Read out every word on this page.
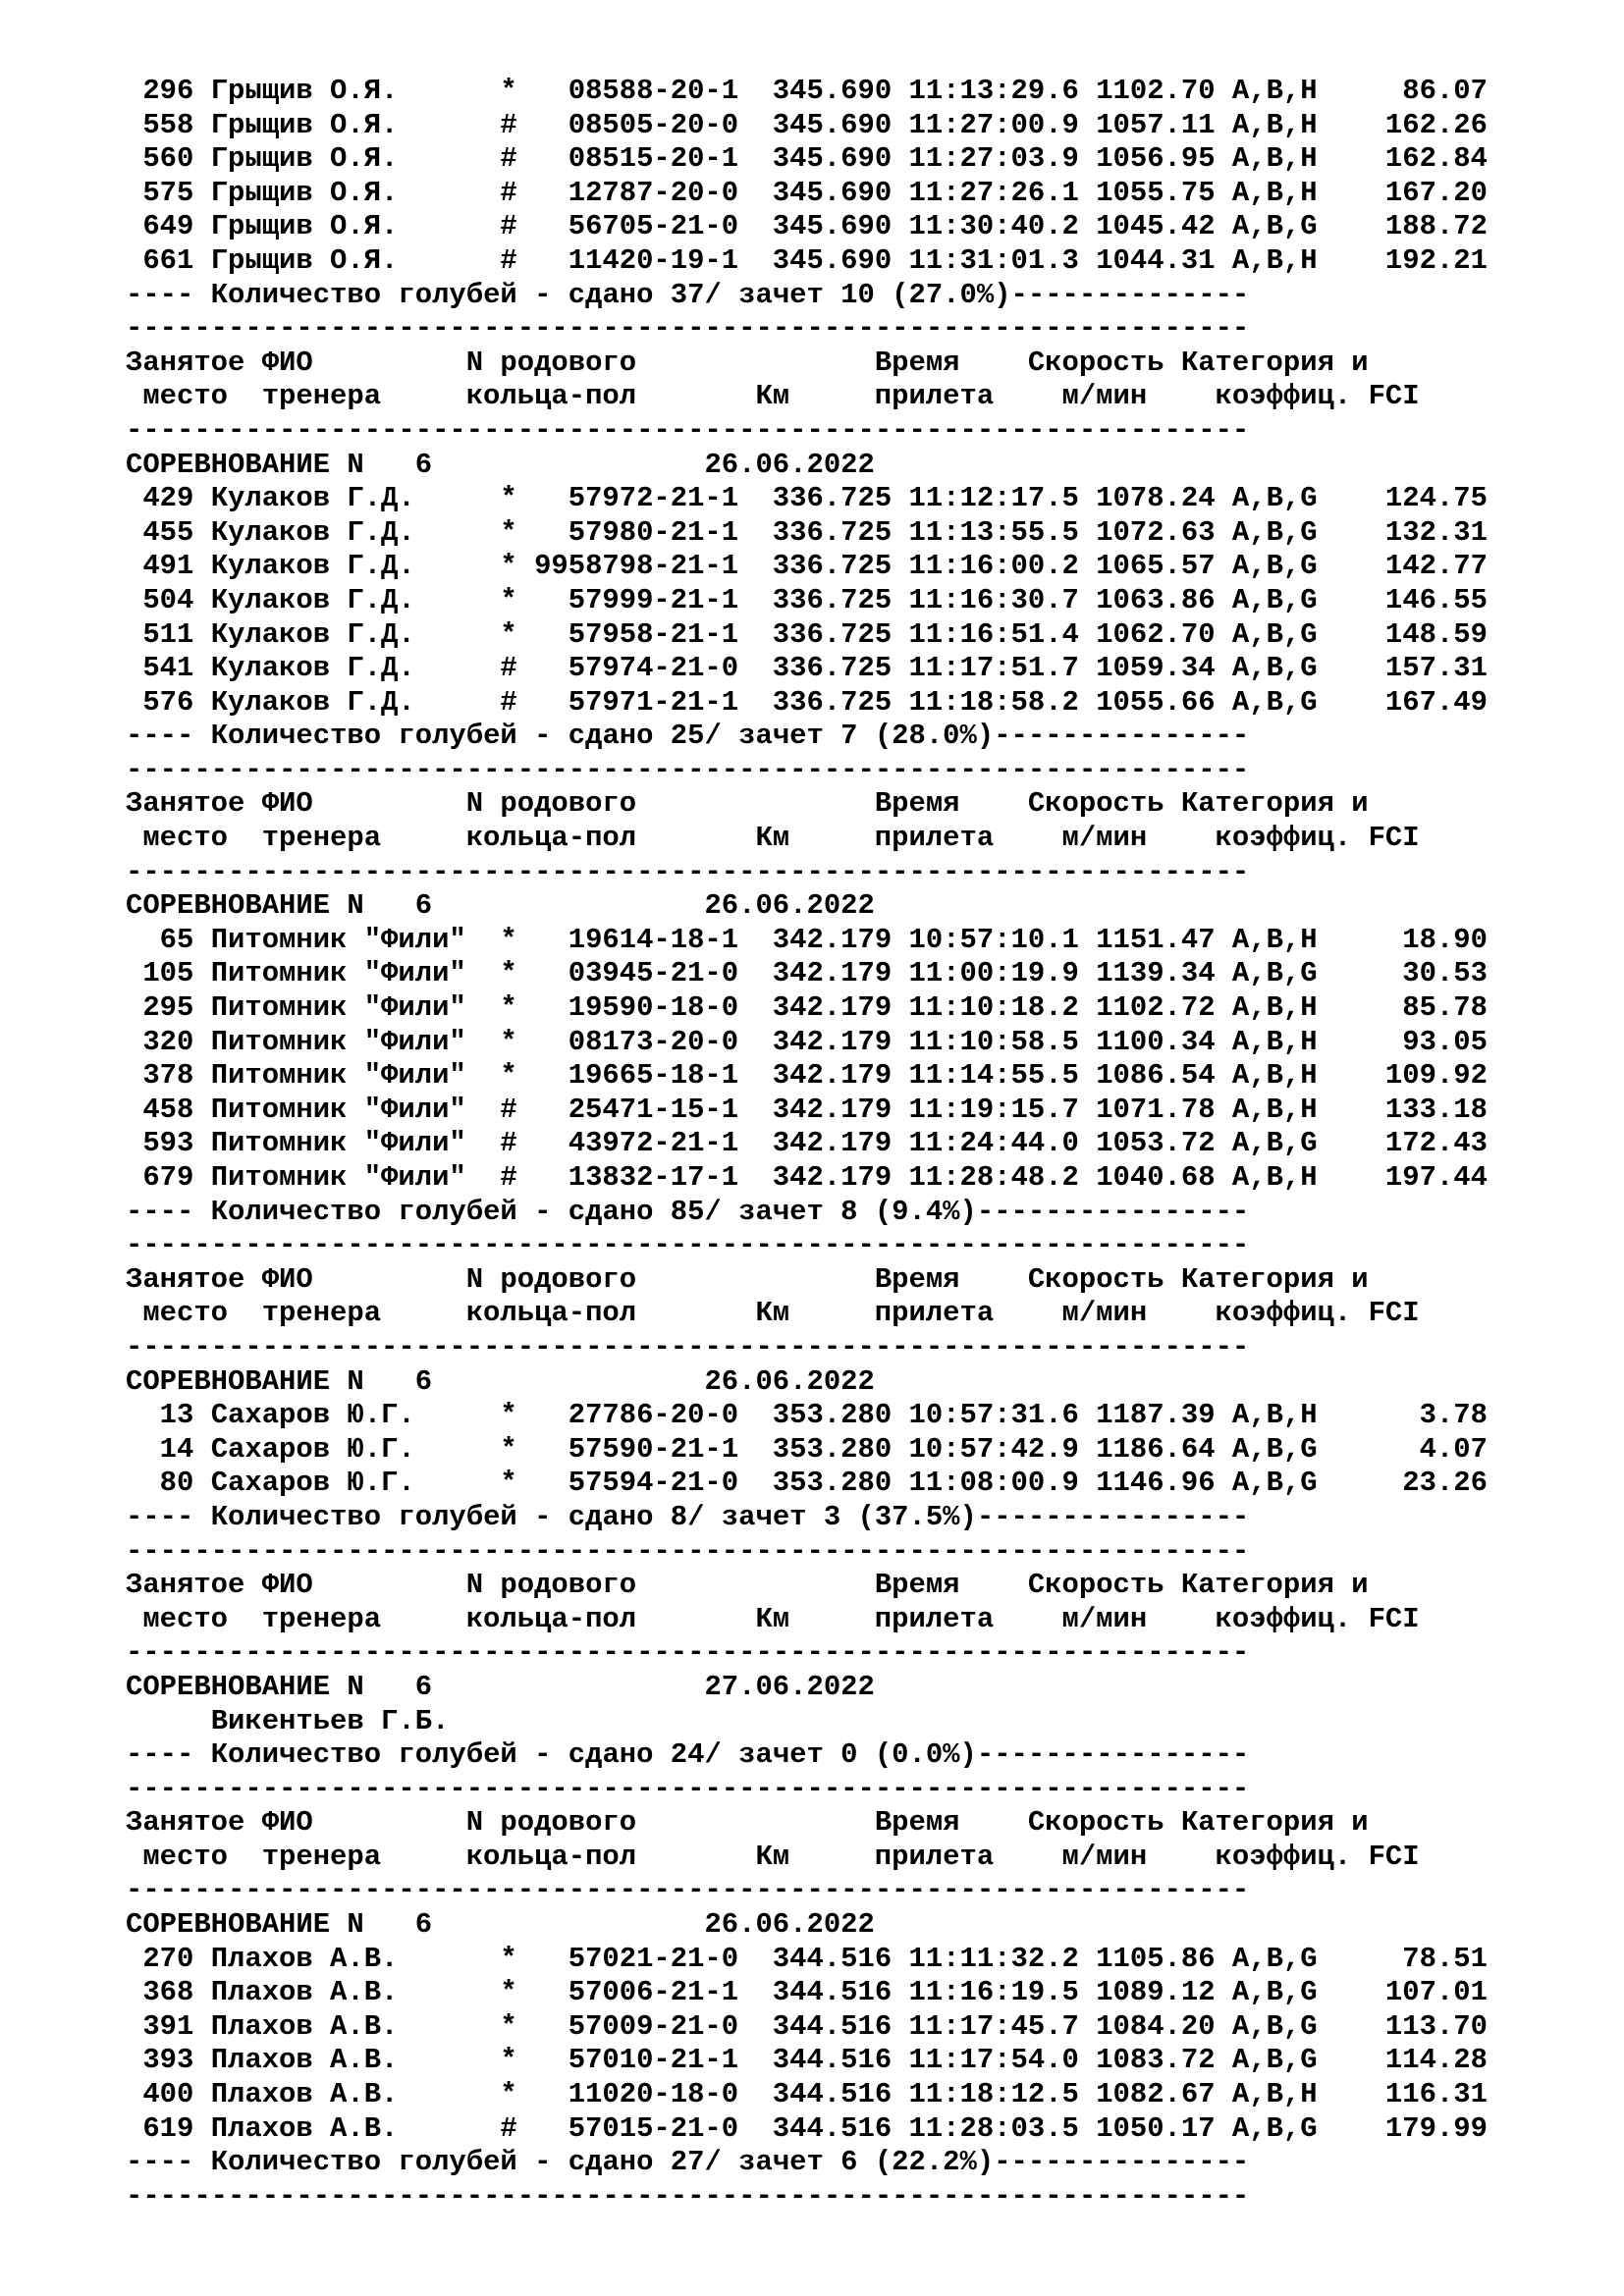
296 Грыщив О.Я.	* 08588-20-1 345.690 11:13:29.6 1102.70 A,B,H	86.07
558 Грыщив О.Я.	# 08505-20-0 345.690 11:27:00.9 1057.11 A,B,H 162.26
560 Грыщив О.Я.	# 08515-20-1 345.690 11:27:03.9 1056.95 A,B,H 162.84
575 Грыщив О.Я.	# 12787-20-0 345.690 11:27:26.1 1055.75 A,B,H 167.20
649 Грыщив О.Я.	# 56705-21-0 345.690 11:30:40.2 1045.42 A,B,G 188.72
661 Грыщив О.Я.	# 11420-19-1 345.690 11:31:01.3 1044.31 A,B,H 192.21
---- Количество голубей - сдано 37/ зачет 10 (27.0%)--------------
------------------------------------------------------------------
Занятое ФИО	N родового	Время Скорость Категория и
место тренера	кольца-пол	Км	прилета м/мин коэффиц. FCI
------------------------------------------------------------------
СОРЕВНОВАНИЕ N   6	26.06.2022
429 Кулаков Г.Д.	* 57972-21-1 336.725 11:12:17.5 1078.24 A,B,G 124.75
455 Кулаков Г.Д.	* 57980-21-1 336.725 11:13:55.5 1072.63 A,B,G 132.31
491 Кулаков Г.Д.	* 9958798-21-1 336.725 11:16:00.2 1065.57 A,B,G 142.77
504 Кулаков Г.Д.	* 57999-21-1 336.725 11:16:30.7 1063.86 A,B,G 146.55
511 Кулаков Г.Д.	* 57958-21-1 336.725 11:16:51.4 1062.70 A,B,G 148.59
541 Кулаков Г.Д.	# 57974-21-0 336.725 11:17:51.7 1059.34 A,B,G 157.31
576 Кулаков Г.Д.	# 57971-21-1 336.725 11:18:58.2 1055.66 A,B,G 167.49
---- Количество голубей - сдано 25/ зачет 7 (28.0%)---------------
------------------------------------------------------------------
Занятое ФИО	N родового	Время Скорость Категория и
место тренера	кольца-пол	Км	прилета м/мин коэффиц. FCI
------------------------------------------------------------------
СОРЕВНОВАНИЕ N   6	26.06.2022
65 Питомник "Фили" * 19614-18-1 342.179 10:57:10.1 1151.47 A,B,H	18.90
105 Питомник "Фили" * 03945-21-0 342.179 11:00:19.9 1139.34 A,B,G	30.53
295 Питомник "Фили" * 19590-18-0 342.179 11:10:18.2 1102.72 A,B,H	85.78
320 Питомник "Фили" * 08173-20-0 342.179 11:10:58.5 1100.34 A,B,H	93.05
378 Питомник "Фили" * 19665-18-1 342.179 11:14:55.5 1086.54 A,B,H 109.92
458 Питомник "Фили" # 25471-15-1 342.179 11:19:15.7 1071.78 A,B,H 133.18
593 Питомник "Фили" # 43972-21-1 342.179 11:24:44.0 1053.72 A,B,G 172.43
679 Питомник "Фили" # 13832-17-1 342.179 11:28:48.2 1040.68 A,B,H 197.44
---- Количество голубей - сдано 85/ зачет 8 (9.4%)----------------
------------------------------------------------------------------
Занятое ФИО	N родового	Время Скорость Категория и
место тренера	кольца-пол	Км	прилета м/мин коэффиц. FCI
------------------------------------------------------------------
СОРЕВНОВАНИЕ N   6	26.06.2022
13 Сахаров Ю.Г.	* 27786-20-0 353.280 10:57:31.6 1187.39 A,B,H	3.78
14 Сахаров Ю.Г.	* 57590-21-1 353.280 10:57:42.9 1186.64 A,B,G	4.07
80 Сахаров Ю.Г.	* 57594-21-0 353.280 11:08:00.9 1146.96 A,B,G	23.26
---- Количество голубей - сдано 8/ зачет 3 (37.5%)----------------
------------------------------------------------------------------
Занятое ФИО	N родового	Время Скорость Категория и
место тренера	кольца-пол	Км	прилета м/мин коэффиц. FCI
------------------------------------------------------------------
СОРЕВНОВАНИЕ N   6	27.06.2022
Викентьев Г.Б.
---- Количество голубей - сдано 24/ зачет 0 (0.0%)----------------
------------------------------------------------------------------
Занятое ФИО	N родового	Время Скорость Категория и
место тренера	кольца-пол	Км	прилета м/мин коэффиц. FCI
------------------------------------------------------------------
СОРЕВНОВАНИЕ N   6	26.06.2022
270 Плахов А.В.	* 57021-21-0 344.516 11:11:32.2 1105.86 A,B,G	78.51
368 Плахов А.В.	* 57006-21-1 344.516 11:16:19.5 1089.12 A,B,G 107.01
391 Плахов А.В.	* 57009-21-0 344.516 11:17:45.7 1084.20 A,B,G 113.70
393 Плахов А.В.	* 57010-21-1 344.516 11:17:54.0 1083.72 A,B,G 114.28
400 Плахов А.В.	* 11020-18-0 344.516 11:18:12.5 1082.67 A,B,H 116.31
619 Плахов А.В.	# 57015-21-0 344.516 11:28:03.5 1050.17 A,B,G 179.99
---- Количество голубей - сдано 27/ зачет 6 (22.2%)---------------
------------------------------------------------------------------
